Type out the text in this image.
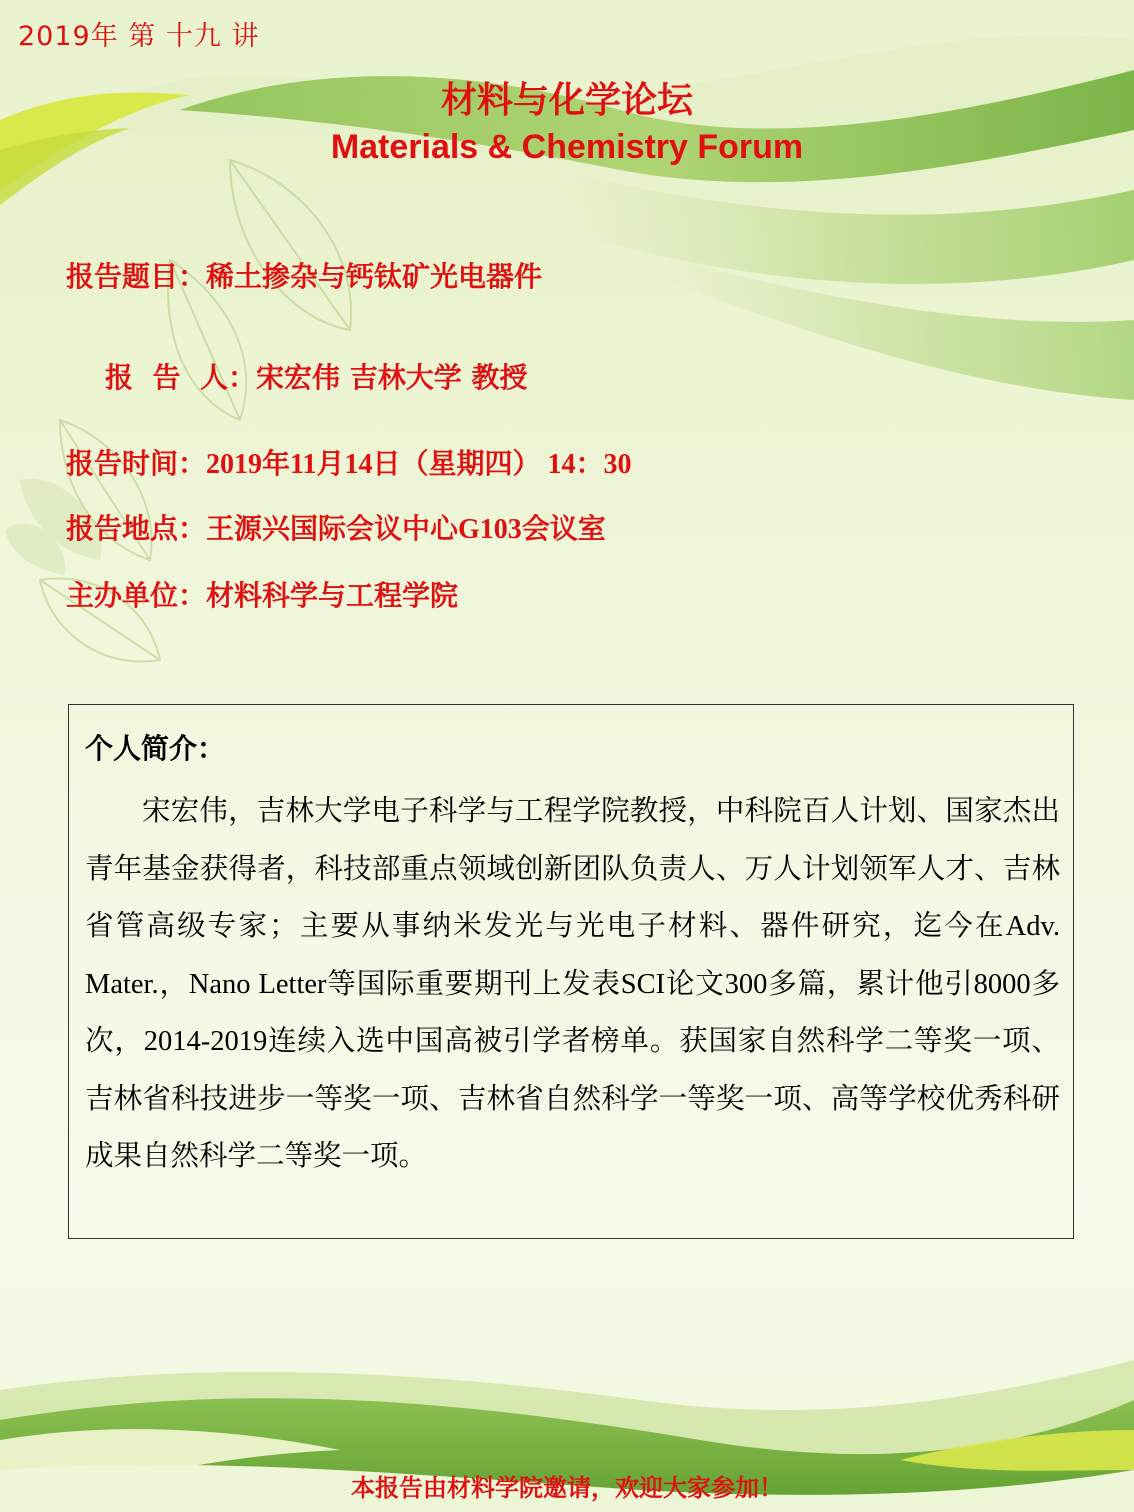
2019年 第 十九 讲

材料与化学论坛
Materials & Chemistry Forum

报告题目：稀土掺杂与钙钛矿光电器件

报  告  人：宋宏伟 吉林大学 教授

报告时间：2019年11月14日（星期四） 14：30

报告地点：王源兴国际会议中心G103会议室

主办单位：材料科学与工程学院

个人简介：

宋宏伟，吉林大学电子科学与工程学院教授，中科院百人计划、国家杰出青年基金获得者，科技部重点领域创新团队负责人、万人计划领军人才、吉林省管高级专家；主要从事纳米发光与光电子材料、器件研究，迄今在Adv. Mater.，Nano Letter等国际重要期刊上发表SCI论文300多篇，累计他引8000多次，2014-2019连续入选中国高被引学者榜单。获国家自然科学二等奖一项、吉林省科技进步一等奖一项、吉林省自然科学一等奖一项、高等学校优秀科研成果自然科学二等奖一项。

本报告由材料学院邀请，欢迎大家参加！
